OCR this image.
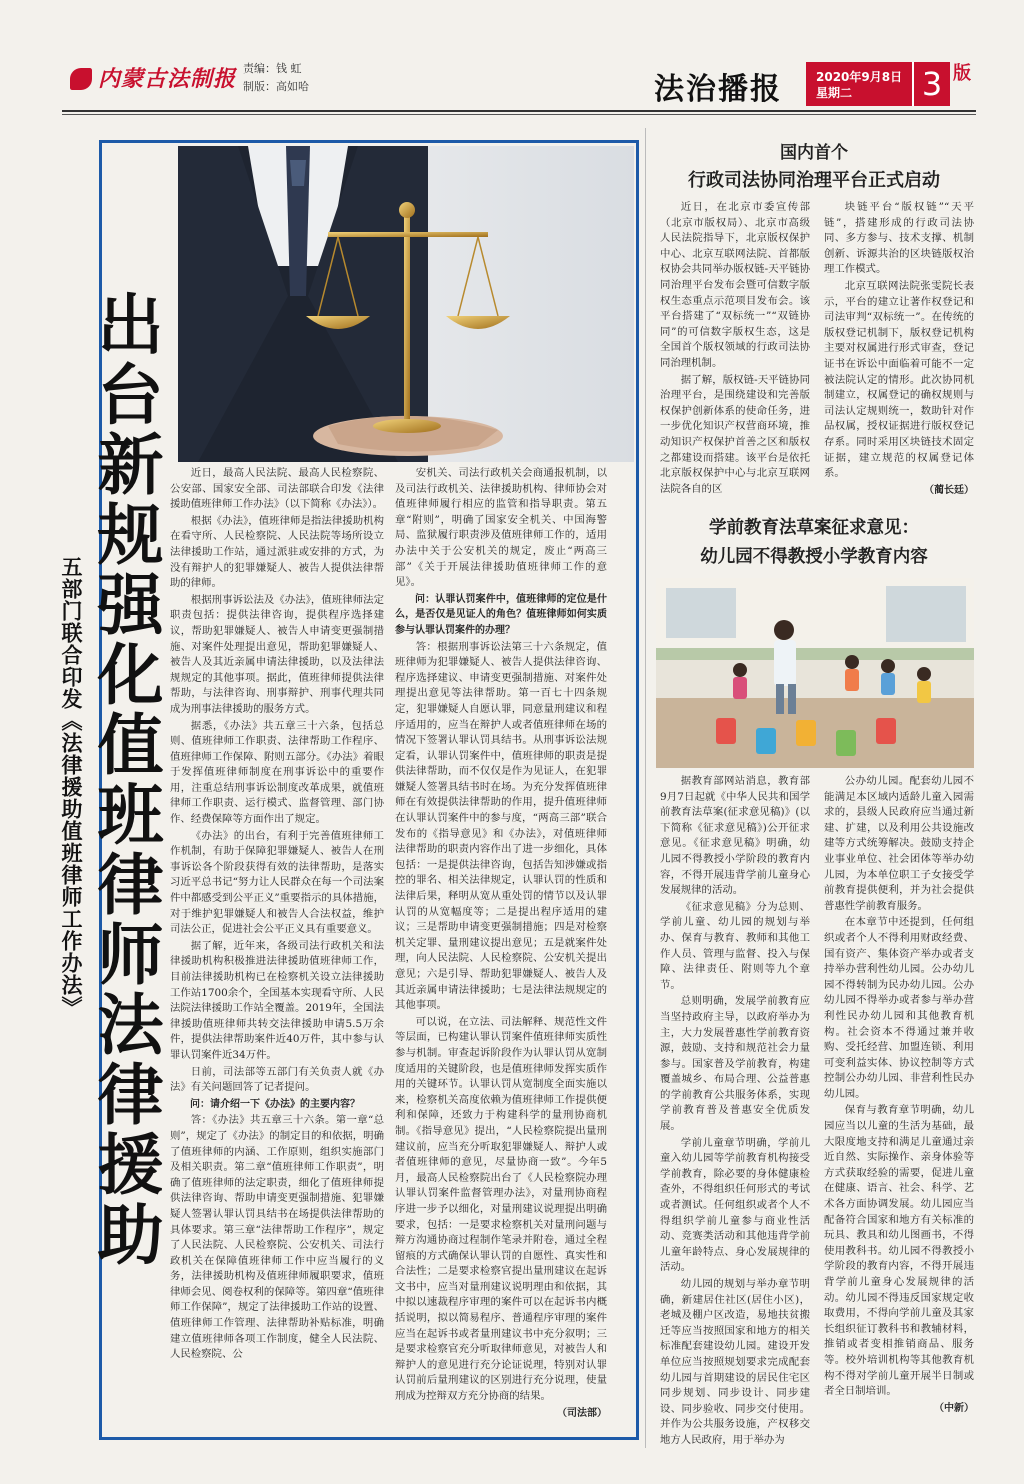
内蒙古法制报 责编：钱 虹
制版：高如哈	法治播报	2020年9月8日
星期二	3 版
出台新规强化值班律师法律援助
五部门联合印发《法律援助值班律师工作办法》

近日，最高人民法院、最高人民检察院、公安部、国家安全部、司法部联合印发《法律援助值班律师工作办法》（以下简称《办法》）。

根据《办法》，值班律师是指法律援助机构在看守所、人民检察院、人民法院等场所设立法律援助工作站，通过派驻或安排的方式，为没有辩护人的犯罪嫌疑人、被告人提供法律帮助的律师。

根据刑事诉讼法及《办法》，值班律师法定职责包括：提供法律咨询，提供程序选择建议，帮助犯罪嫌疑人、被告人申请变更强制措施、对案件处理提出意见，帮助犯罪嫌疑人、被告人及其近亲属申请法律援助，以及法律法规规定的其他事项。据此，值班律师提供法律帮助，与法律咨询、刑事辩护、刑事代理共同成为刑事法律援助的服务方式。

据悉，《办法》共五章三十六条，包括总则、值班律师工作职责、法律帮助工作程序、值班律师工作保障、附则五部分。《办法》着眼于发挥值班律师制度在刑事诉讼中的重要作用，注重总结刑事诉讼制度改革成果，就值班律师工作职责、运行模式、监督管理、部门协作、经费保障等方面作出了规定。

《办法》的出台，有利于完善值班律师工作机制，有助于保障犯罪嫌疑人、被告人在刑事诉讼各个阶段获得有效的法律帮助，是落实习近平总书记“努力让人民群众在每一个司法案件中都感受到公平正义”重要指示的具体措施，对于维护犯罪嫌疑人和被告人合法权益，维护司法公正，促进社会公平正义具有重要意义。

据了解，近年来，各级司法行政机关和法律援助机构积极推进法律援助值班律师工作，目前法律援助机构已在检察机关设立法律援助工作站1700余个，全国基本实现看守所、人民法院法律援助工作站全覆盖。2019年，全国法律援助值班律师共转交法律援助申请5.5万余件，提供法律帮助案件近40万件，其中参与认罪认罚案件近34万件。

日前，司法部等五部门有关负责人就《办法》有关问题回答了记者提问。

问：请介绍一下《办法》的主要内容？

答：《办法》共五章三十六条。第一章“总则”，规定了《办法》的制定目的和依据，明确了值班律师的内涵、工作原则，组织实施部门及相关职责。第二章“值班律师工作职责”，明确了值班律师的法定职责，细化了值班律师提供法律咨询、帮助申请变更强制措施、犯罪嫌疑人签署认罪认罚具结书在场提供法律帮助的具体要求。第三章“法律帮助工作程序”，规定了人民法院、人民检察院、公安机关、司法行政机关在保障值班律师工作中应当履行的义务，法律援助机构及值班律师履职要求，值班律师会见、阅卷权利的保障等。第四章“值班律师工作保障”，规定了法律援助工作站的设置、值班律师工作管理、法律帮助补贴标准，明确建立值班律师各项工作制度，健全人民法院、人民检察院、公

安机关、司法行政机关会商通报机制，以及司法行政机关、法律援助机构、律师协会对值班律师履行相应的监管和指导职责。第五章“附则”，明确了国家安全机关、中国海警局、监狱履行职责涉及值班律师工作的，适用办法中关于公安机关的规定，废止“两高三部”《关于开展法律援助值班律师工作的意见》。

问：认罪认罚案件中，值班律师的定位是什么，是否仅是见证人的角色？值班律师如何实质参与认罪认罚案件的办理？

答：根据刑事诉讼法第三十六条规定，值班律师为犯罪嫌疑人、被告人提供法律咨询、程序选择建议、申请变更强制措施、对案件处理提出意见等法律帮助。第一百七十四条规定，犯罪嫌疑人自愿认罪，同意量刑建议和程序适用的，应当在辩护人或者值班律师在场的情况下签署认罪认罚具结书。从刑事诉讼法规定看，认罪认罚案件中，值班律师的职责是提供法律帮助，而不仅仅是作为见证人，在犯罪嫌疑人签署具结书时在场。为充分发挥值班律师在有效提供法律帮助的作用，提升值班律师在认罪认罚案件中的参与度，“两高三部”联合发布的《指导意见》和《办法》，对值班律师法律帮助的职责内容作出了进一步细化，具体包括：一是提供法律咨询，包括告知涉嫌或指控的罪名、相关法律规定，认罪认罚的性质和法律后果，释明从宽从重处罚的情节以及认罪认罚的从宽幅度等；二是提出程序适用的建议；三是帮助申请变更强制措施；四是对检察机关定罪、量刑建议提出意见；五是就案件处理，向人民法院、人民检察院、公安机关提出意见；六是引导、帮助犯罪嫌疑人、被告人及其近亲属申请法律援助；七是法律法规规定的其他事项。

可以说，在立法、司法解释、规范性文件等层面，已构建认罪认罚案件值班律师实质性参与机制。审查起诉阶段作为认罪认罚从宽制度适用的关键阶段，也是值班律师发挥实质作用的关键环节。认罪认罚从宽制度全面实施以来，检察机关高度依赖为值班律师工作提供便利和保障，还致力于构建科学的量刑协商机制。《指导意见》提出，“人民检察院提出量刑建议前，应当充分听取犯罪嫌疑人、辩护人或者值班律师的意见，尽量协商一致”。今年5月，最高人民检察院出台了《人民检察院办理认罪认罚案件监督管理办法》，对量刑协商程序进一步予以细化，对量刑建议说理提出明确要求，包括：一是要求检察机关对量刑问题与辩方沟通协商过程制作笔录并附卷，通过全程留痕的方式确保认罪认罚的自愿性、真实性和合法性；二是要求检察官提出量刑建议在起诉文书中，应当对量刑建议说明理由和依据，其中拟以速裁程序审理的案件可以在起诉书内概括说明，拟以简易程序、普通程序审理的案件应当在起诉书或者量刑建议书中充分叙明；三是要求检察官充分听取律师意见，对被告人和辩护人的意见进行充分论证说理，特别对认罪认罚前后量刑建议的区别进行充分说理，使量刑成为控辩双方充分协商的结果。

（司法部）

国内首个
行政司法协同治理平台正式启动

近日，在北京市委宣传部（北京市版权局）、北京市高级人民法院指导下，北京版权保护中心、北京互联网法院、首都版权协会共同举办版权链-天平链协同治理平台发布会暨可信数字版权生态重点示范项目发布会。该平台搭建了“双标统一”“双链协同”的可信数字版权生态，这是全国首个版权领域的行政司法协同治理机制。

据了解，版权链-天平链协同治理平台，是围绕建设和完善版权保护创新体系的使命任务，进一步优化知识产权营商环境，推动知识产权保护首善之区和版权之都建设而搭建。该平台是依托北京版权保护中心与北京互联网法院各自的区

块链平台“版权链”“天平链”，搭建形成的行政司法协同、多方参与、技术支撑、机制创新、诉源共治的区块链版权治理工作模式。

北京互联网法院张雯院长表示，平台的建立让著作权登记和司法审判“双标统一”。在传统的版权登记机制下，版权登记机构主要对权属进行形式审查，登记证书在诉讼中面临着可能不一定被法院认定的情形。此次协同机制建立，权属登记的确权规则与司法认定规则统一，数助针对作品权属，授权证据进行版权登记存系。同时采用区块链技术固定证据，建立规范的权属登记体系。

（蔺长廷）

学前教育法草案征求意见：
幼儿园不得教授小学教育内容

据教育部网站消息，教育部9月7日起就《中华人民共和国学前教育法草案(征求意见稿)》(以下简称《征求意见稿》)公开征求意见。《征求意见稿》明确，幼儿园不得教授小学阶段的教育内容，不得开展违背学前儿童身心发展规律的活动。

《征求意见稿》分为总则、学前儿童、幼儿园的规划与举办、保育与教育、教师和其他工作人员、管理与监督、投入与保障、法律责任、附则等九个章节。

总则明确，发展学前教育应当坚持政府主导，以政府举办为主，大力发展普惠性学前教育资源，鼓励、支持和规范社会力量参与。国家普及学前教育，构建覆盖城乡、布局合理、公益普惠的学前教育公共服务体系，实现学前教育普及普惠安全优质发展。

学前儿童章节明确，学前儿童入幼儿园等学前教育机构接受学前教育，除必要的身体健康检查外，不得组织任何形式的考试或者测试。任何组织或者个人不得组织学前儿童参与商业性活动、竞赛类活动和其他违背学前儿童年龄特点、身心发展规律的活动。

幼儿园的规划与举办章节明确，新建居住社区(居住小区)，老城及棚户区改造，易地扶贫搬迁等应当按照国家和地方的相关标准配套建设幼儿园。建设开发单位应当按照规划要求完成配套幼儿园与首期建设的居民住宅区同步规划、同步设计、同步建设、同步验收、同步交付使用。并作为公共服务设施，产权移交地方人民政府，用于举办为

公办幼儿园。配套幼儿园不能满足本区域内适龄儿童入园需求的，县级人民政府应当通过新建、扩建，以及利用公共设施改建等方式统筹解决。鼓励支持企业事业单位、社会团体等举办幼儿园，为本单位职工子女接受学前教育提供便利，并为社会提供普惠性学前教育服务。

在本章节中还提到，任何组织或者个人不得利用财政经费、国有资产、集体资产举办或者支持举办营利性幼儿园。公办幼儿园不得转制为民办幼儿园。公办幼儿园不得举办或者参与举办营利性民办幼儿园和其他教育机构。社会资本不得通过兼并收购、受托经营、加盟连锁、利用可变利益实体、协议控制等方式控制公办幼儿园、非营利性民办幼儿园。

保育与教育章节明确，幼儿园应当以儿童的生活为基础，最大限度地支持和满足儿童通过亲近自然、实际操作、亲身体验等方式获取经验的需要，促进儿童在健康、语言、社会、科学、艺术各方面协调发展。幼儿园应当配备符合国家和地方有关标准的玩具、教具和幼儿图画书，不得使用教科书。幼儿园不得教授小学阶段的教育内容，不得开展违背学前儿童身心发展规律的活动。幼儿园不得违反国家规定收取费用，不得向学前儿童及其家长组织征订教科书和教辅材料，推销或者变相推销商品、服务等。校外培训机构等其他教育机构不得对学前儿童开展半日制或者全日制培训。

（中新）
